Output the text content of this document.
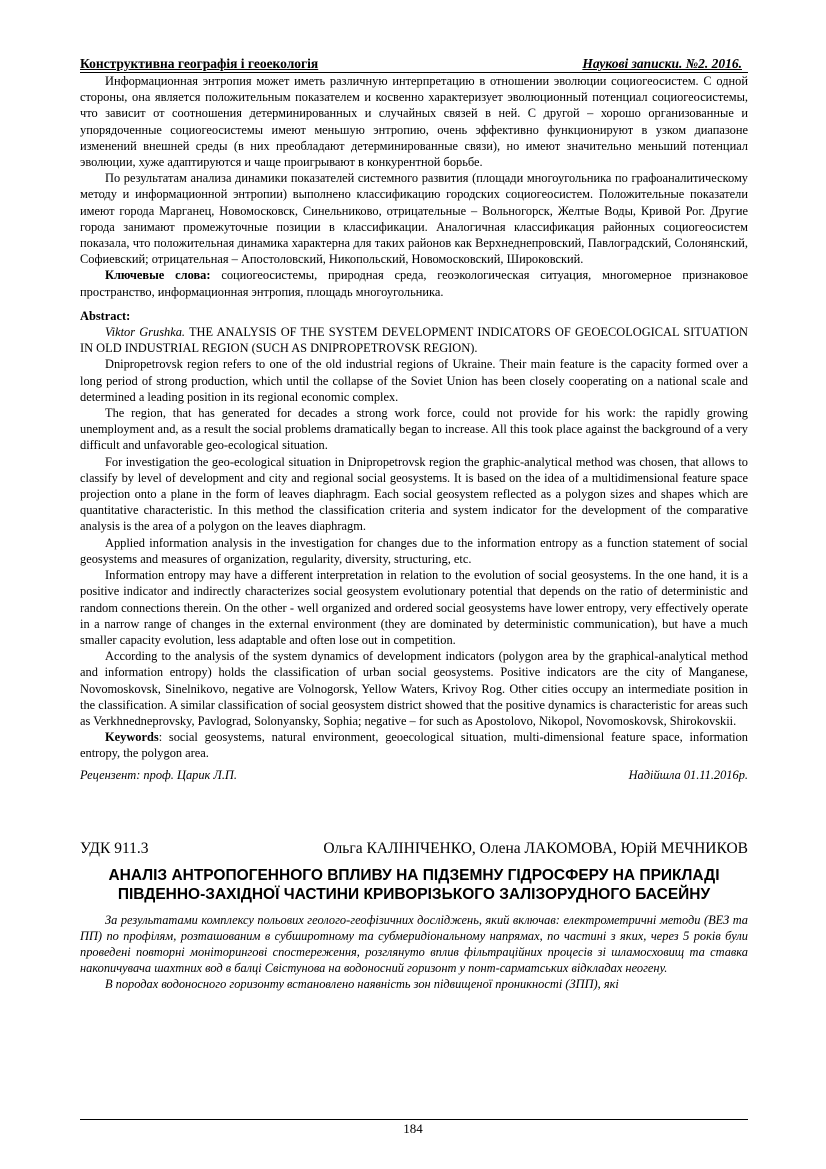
Конструктивна географія і геоекологія	Наукові записки. №2. 2016.

Информационная энтропия может иметь различную интерпретацию в отношении эволюции социогеосистем. С одной стороны, она является положительным показателем и косвенно характеризует эволюционный потенциал социогеосистемы, что зависит от соотношения детерминированных и случайных связей в ней. С другой – хорошо организованные и упорядоченные социогеосистемы имеют меньшую энтропию, очень эффективно функционируют в узком диапазоне изменений внешней среды (в них преобладают детерминированные связи), но имеют значительно меньший потенциал эволюции, хуже адаптируются и чаще проигрывают в конкурентной борьбе.

По результатам анализа динамики показателей системного развития (площади многоугольника по графоаналитическому методу и информационной энтропии) выполнено классификацию городских социогеосистем. Положительные показатели имеют города Марганец, Новомосковск, Синельниково, отрицательные – Вольногорск, Желтые Воды, Кривой Рог. Другие города занимают промежуточные позиции в классификации. Аналогичная классификация районных социогеосистем показала, что положительная динамика характерна для таких районов как Верхнеднепровский, Павлоградский, Солонянский, Софиевский; отрицательная – Апостоловский, Никопольский, Новомосковский, Широковский.

Ключевые слова: социогеосистемы, природная среда, геоэкологическая ситуация, многомерное признаковое пространство, информационная энтропия, площадь многоугольника.

Abstract:

Viktor Grushka. THE ANALYSIS OF THE SYSTEM DEVELOPMENT INDICATORS OF GEOECOLOGICAL SITUATION IN OLD INDUSTRIAL REGION (SUCH AS DNIPROPETROVSK REGION).

Dnipropetrovsk region refers to one of the old industrial regions of Ukraine. Their main feature is the capacity formed over a long period of strong production, which until the collapse of the Soviet Union has been closely cooperating on a national scale and determined a leading position in its regional economic complex.

The region, that has generated for decades a strong work force, could not provide for his work: the rapidly growing unemployment and, as a result the social problems dramatically began to increase. All this took place against the background of a very difficult and unfavorable geo-ecological situation.

For investigation the geo-ecological situation in Dnipropetrovsk region the graphic-analytical method was chosen, that allows to classify by level of development and city and regional social geosystems. It is based on the idea of a multidimensional feature space projection onto a plane in the form of leaves diaphragm. Each social geosystem reflected as a polygon sizes and shapes which are quantitative characteristic. In this method the classification criteria and system indicator for the development of the comparative analysis is the area of a polygon on the leaves diaphragm.

Applied information analysis in the investigation for changes due to the information entropy as a function statement of social geosystems and measures of organization, regularity, diversity, structuring, etc.

Information entropy may have a different interpretation in relation to the evolution of social geosystems. In the one hand, it is a positive indicator and indirectly characterizes social geosystem evolutionary potential that depends on the ratio of deterministic and random connections therein. On the other - well organized and ordered social geosystems have lower entropy, very effectively operate in a narrow range of changes in the external environment (they are dominated by deterministic communication), but have a much smaller capacity evolution, less adaptable and often lose out in competition.

According to the analysis of the system dynamics of development indicators (polygon area by the graphical-analytical method and information entropy) holds the classification of urban social geosystems. Positive indicators are the city of Manganese, Novomoskovsk, Sinelnikovo, negative are Volnogorsk, Yellow Waters, Krivoy Rog. Other cities occupy an intermediate position in the classification. A similar classification of social geosystem district showed that the positive dynamics is characteristic for areas such as Verkhnedneprovsky, Pavlograd, Solonyansky, Sophia; negative – for such as Apostolovo, Nikopol, Novomoskovsk, Shirokovskii.

Keywords: social geosystems, natural environment, geoecological situation, multi-dimensional feature space, information entropy, the polygon area.

Рецензент: проф. Царик Л.П.	Надійшла 01.11.2016р.
УДК 911.3	Ольга КАЛІНІЧЕНКО, Олена ЛАКОМОВА, Юрій МЕЧНИКОВ
АНАЛІЗ АНТРОПОГЕННОГО ВПЛИВУ НА ПІДЗЕМНУ ГІДРОСФЕРУ НА ПРИКЛАДІ ПІВДЕННО-ЗАХІДНОЇ ЧАСТИНИ КРИВОРІЗЬКОГО ЗАЛІЗОРУДНОГО БАСЕЙНУ

За результатами комплексу польових геолого-геофізичних досліджень, який включав: електрометричні методи (ВЕЗ та ПП) по профілям, розташованим в субширотному та субмеридіональному напрямах, по частині з яких, через 5 років були проведені повторні моніторингові спостереження, розглянуто вплив фільтраційних процесів зі шламосховищ та ставка накопичувача шахтних вод в балці Свістунова на водоносний горизонт у понт-сарматських відкладах неогену.

В породах водоносного горизонту встановлено наявність зон підвищеної проникності (ЗПП), які

184
